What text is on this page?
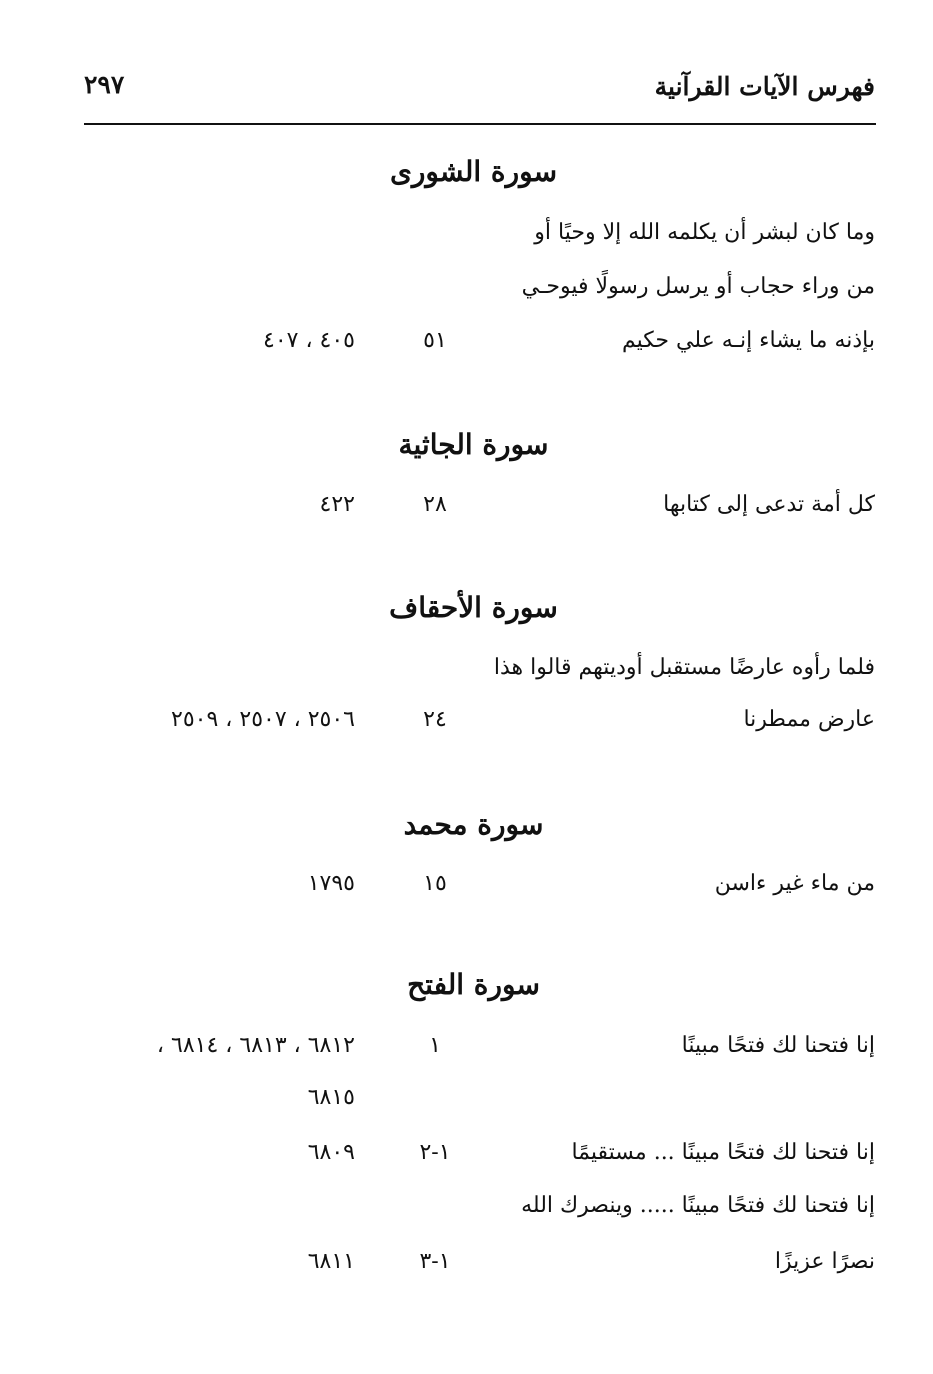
فهرس الآيات القرآنية
٢٩٧
سورة الشورى
وما كان لبشر أن يكلمه الله إلا وحيًا أو
من وراء حجاب أو يرسل رسولًا فيوحـي
بإذنه ما يشاء إنـه علي حكيم
٥١
٤٠٥ ، ٤٠٧
سورة الجاثية
كل أمة تدعى إلى كتابها
٢٨
٤٢٢
سورة الأحقاف
فلما رأوه عارضًا مستقبل أوديتهم قالوا هذا
عارض ممطرنا
٢٤
٢٥٠٦ ، ٢٥٠٧ ، ٢٥٠٩
سورة محمد
من ماء غير ءاسن
١٥
١٧٩٥
سورة الفتح
إنا فتحنا لك فتحًا مبينًا
١
٦٨١٢ ، ٦٨١٣ ، ٦٨١٤ ،
٦٨١٥
إنا فتحنا لك فتحًا مبينًا ... مستقيمًا
١-٢
٦٨٠٩
إنا فتحنا لك فتحًا مبينًا ..... وينصرك الله
نصرًا عزيزًا
١-٣
٦٨١١
